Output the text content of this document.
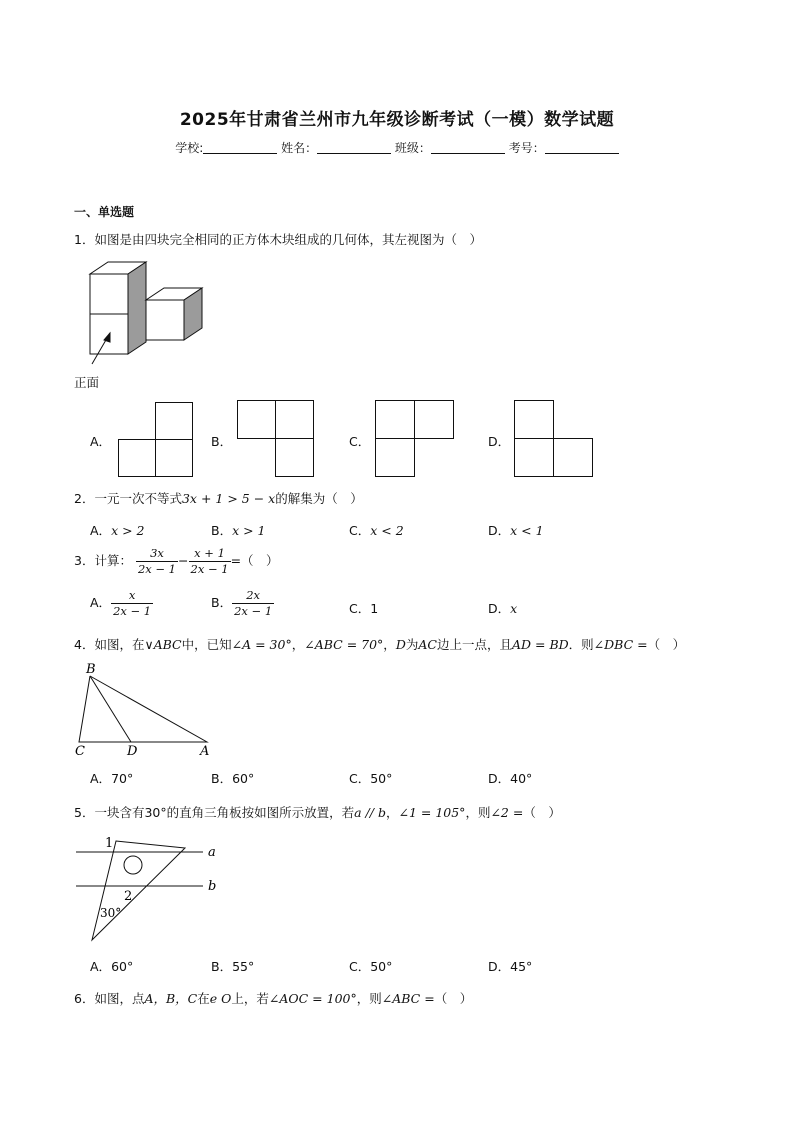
2025年甘肃省兰州市九年级诊断考试（一模）数学试题
学校:	姓名：	班级：	考号：
一、单选题
1．如图是由四块完全相同的正方体木块组成的几何体，其左视图为（　）
正面
A．	B．	C．	D．
2．一元一次不等式3x + 1 > 5 − x的解集为（　）
A．x > 2	B．x > 1	C．x < 2	D．x < 1
3．计算： $\frac{3x}{2x - 1} - \frac{x + 1}{2x - 1}$ =（　）
A． $\frac{x}{2x - 1}$	B． $\frac{2x}{2x - 1}$	C．1	D．x
4．如图，在∨ABC中，已知∠A = 30°，∠ABC = 70°，D为AC边上一点，且AD = BD．则∠DBC =（　）
B
C	D	A
A．70°	B．60°	C．50°	D．40°
5．一块含有30°的直角三角板按如图所示放置，若a // b，∠1 = 105°，则∠2 =（　）
1
2
a
b
30°
A．60°	B．55°	C．50°	D．45°
6．如图，点A，B，C在e O上，若∠AOC = 100°，则∠ABC =（　）
